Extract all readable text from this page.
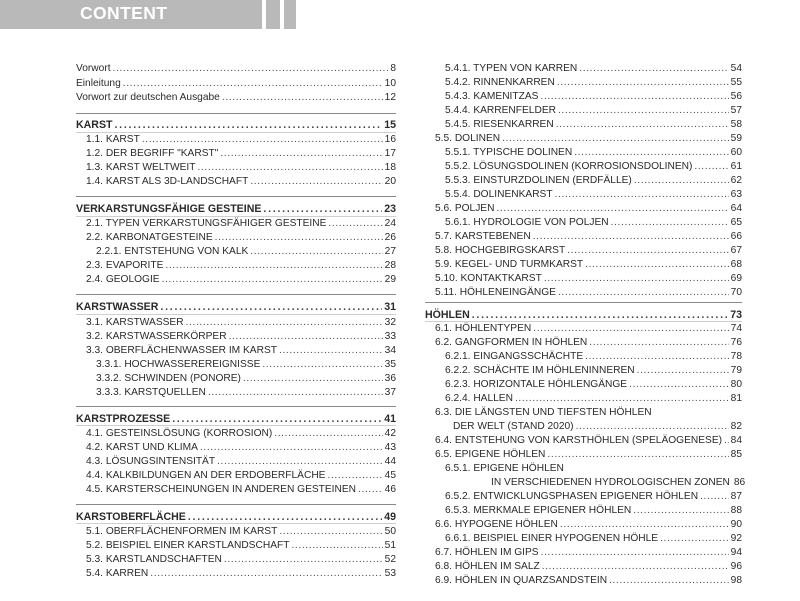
CONTENT
Vorwort . . .	8
Einleitung . . .	10
Vorwort zur deutschen Ausgabe . . .	12
KARST . . .	15
1.1. KARST . . .	16
1.2. DER BEGRIFF "KARST" . . .	17
1.3. KARST WELTWEIT . . .	18
1.4. KARST ALS 3D-LANDSCHAFT . . .	20
VERKARSTUNGSFÄHIGE GESTEINE . . .	23
2.1. TYPEN VERKARSTUNGSFÄHIGER GESTEINE . . .	24
2.2. KARBONATGESTEINE . . .	26
2.2.1. ENTSTEHUNG VON KALK . . .	27
2.3. EVAPORITE . . .	28
2.4. GEOLOGIE . . .	29
KARSTWASSER . . .	31
3.1. KARSTWASSER . . .	32
3.2. KARSTWASSERKÖRPER . . .	33
3.3. OBERFLÄCHENWASSER IM KARST . . .	34
3.3.1. HOCHWASSEREREIGNISSE . . .	35
3.3.2. SCHWINDEN (PONORE) . . .	36
3.3.3. KARSTQUELLEN . . .	37
KARSTPROZESSE . . .	41
4.1. GESTEINSLÖSUNG (KORROSION) . . .	42
4.2. KARST UND KLIMA . . .	43
4.3. LÖSUNGSINTENSITÄT . . .	44
4.4. KALKBILDUNGEN AN DER ERDOBERFLÄCHE . . .	45
4.5. KARSTERSCHEINUNGEN IN ANDEREN GESTEINEN . . .	46
KARSTOBERFLÄCHE . . .	49
5.1. OBERFLÄCHENFORMEN IM KARST . . .	50
5.2. BEISPIEL EINER KARSTLANDSCHAFT . . .	51
5.3. KARSTLANDSCHAFTEN . . .	52
5.4. KARREN . . .	53
5.4.1. TYPEN VON KARREN . . .	54
5.4.2. RINNENKARREN . . .	55
5.4.3. KAMENITZAS . . .	56
5.4.4. KARRENFELDER . . .	57
5.4.5. RIESENKARREN . . .	58
5.5. DOLINEN . . .	59
5.5.1. TYPISCHE DOLINEN . . .	60
5.5.2. LÖSUNGSDOLINEN (KORROSIONSDOLINEN) . . .	61
5.5.3. EINSTURZDOLINEN (ERDFÄLLE) . . .	62
5.5.4. DOLINENKARST . . .	63
5.6. POLJEN . . .	64
5.6.1. HYDROLOGIE VON POLJEN . . .	65
5.7. KARSTEBENEN . . .	66
5.8. HOCHGEBIRGSKARST . . .	67
5.9. KEGEL- UND TURMKARST . . .	68
5.10. KONTAKTKARST . . .	69
5.11. HÖHLENEINGÄNGE . . .	70
HÖHLEN . . .	73
6.1. HÖHLENTYPEN . . .	74
6.2. GANGFORMEN IN HÖHLEN . . .	76
6.2.1. EINGANGSSCHÄCHTE . . .	78
6.2.2. SCHÄCHTE IM HÖHLENINNEREN . . .	79
6.2.3. HORIZONTALE HÖHLENGÄNGE . . .	80
6.2.4. HALLEN . . .	81
6.3. DIE LÄNGSTEN UND TIEFSTEN HÖHLEN
DER WELT (STAND 2020) . . .	82
6.4. ENTSTEHUNG VON KARSTHÖHLEN (SPELÄOGENESE) . . . 84
6.5. EPIGENE HÖHLEN . . .	85
6.5.1. EPIGENE HÖHLEN
IN VERSCHIEDENEN HYDROLOGISCHEN ZONEN 86
6.5.2. ENTWICKLUNGSPHASEN EPIGENER HÖHLEN . . .	87
6.5.3. MERKMALE EPIGENER HÖHLEN . . .	88
6.6. HYPOGENE HÖHLEN . . .	90
6.6.1. BEISPIEL EINER HYPOGENEN HÖHLE . . .	92
6.7. HÖHLEN IM GIPS . . .	94
6.8. HÖHLEN IM SALZ . . .	96
6.9. HÖHLEN IN QUARZSANDSTEIN . . .	98
